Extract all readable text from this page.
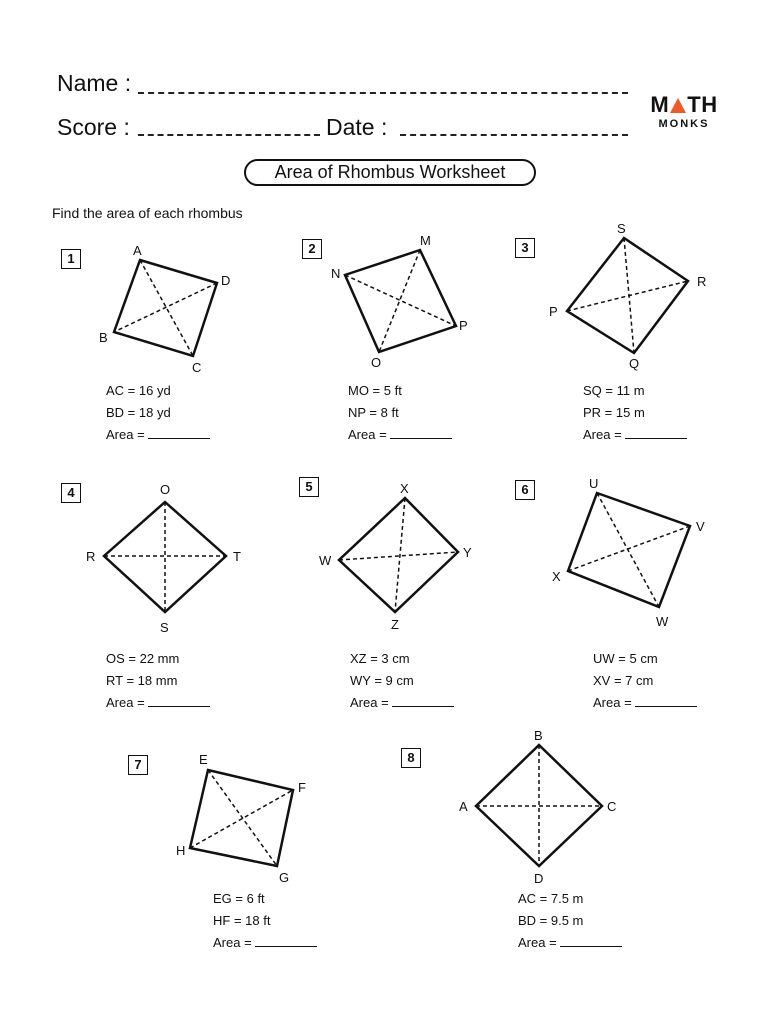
Name :
Score :	Date :
M TH
MONKS
Area of Rhombus Worksheet
Find the area of each rhombus
1
A
D
C
B
AC = 16 yd
BD = 18 yd
Area =
2
M
P
O
N
MO = 5 ft
NP = 8 ft
Area =
3
S
R
Q
P
SQ = 11 m
PR = 15 m
Area =
4	O
T
S
R
OS = 22 mm
RT = 18 mm
Area =
5	X
Y
Z
W
XZ = 3 cm
WY = 9 cm
Area =
6	U
V
W
X
UW = 5 cm
XV = 7 cm
Area =
7	E
F
G
H
EG = 6 ft
HF = 18 ft
Area =
8
B
C
D
A
AC = 7.5 m
BD = 9.5 m
Area =
